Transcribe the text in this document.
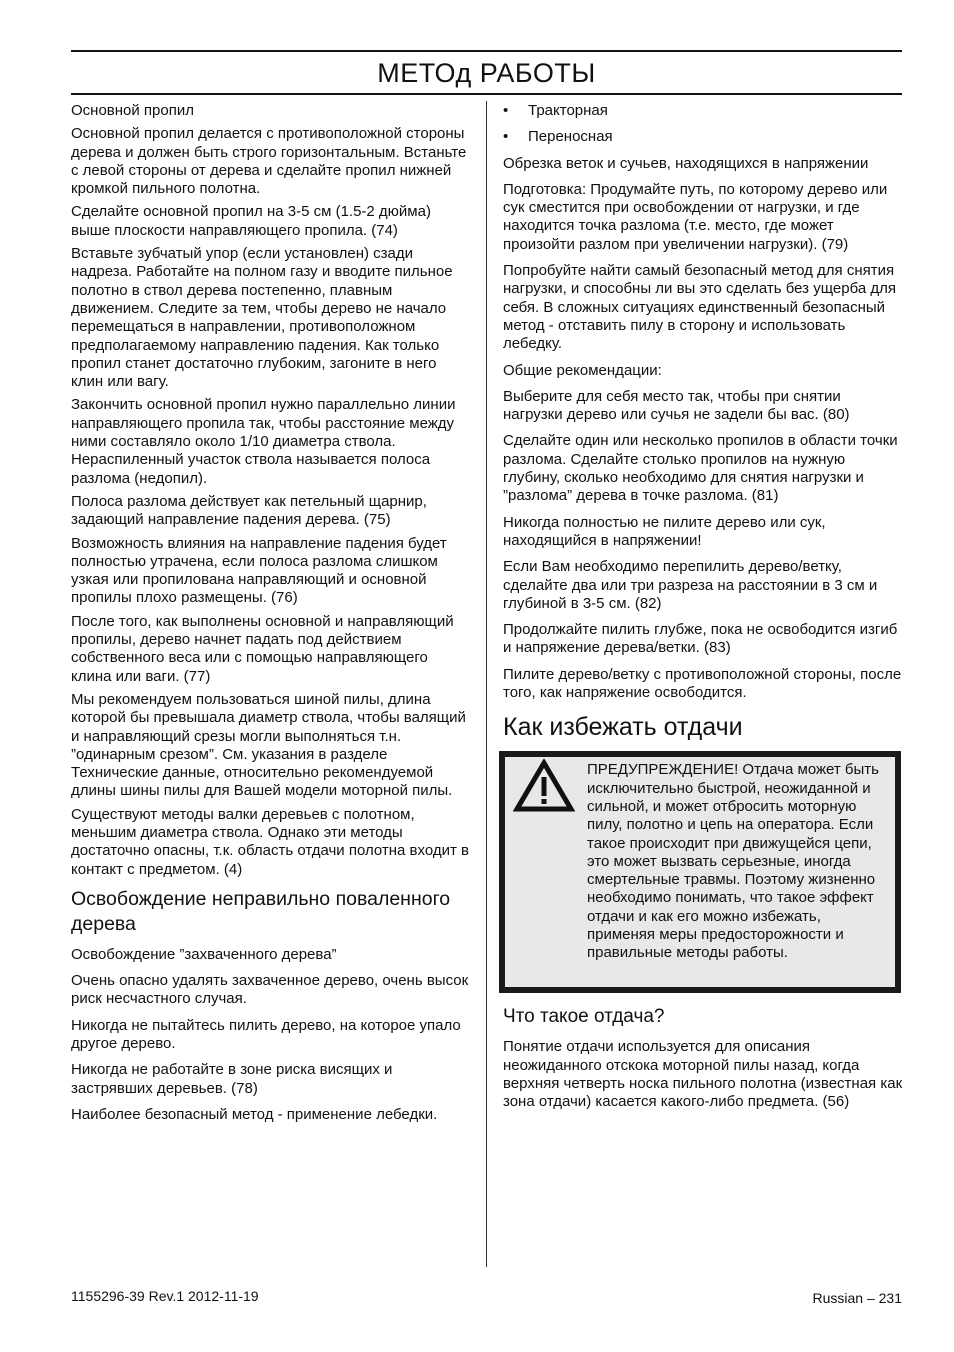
МЕТОд РАБОТЫ

Основной пропил

Основной пропил делается с противоположной стороны дерева и должен быть строго горизонтальным. Встаньте с левой стороны от дерева и сделайте пропил нижней кромкой пильного полотна.

Сделайте основной пропил на 3-5 см (1.5-2 дюйма) выше плоскости направляющего пропила. (74)

Вставьте зубчатый упор (если установлен) сзади надреза. Работайте на полном газу и вводите пильное полотно в ствол дерева постепенно, плавным движением. Следите за тем, чтобы дерево не начало перемещаться в направлении, противоположном предполагаемому направлению падения. Как только пропил станет достаточно глубоким, загоните в него клин или вагу.

Закончить основной пропил нужно параллельно линии направляющего пропила так, чтобы расстояние между ними составляло около 1/10 диаметра ствола. Нераспиленный участок ствола называется полоса разлома (недопил).

Полоса разлома действует как петельный щарнир, задающий направление падения дерева. (75)

Возможность влияния на направление падения будет полностью утрачена, если полоса разлома слишком узкая или пропилована направляющий и основной пропилы плохо размещены. (76)

После того, как выполнены основной и направляющий пропилы, дерево начнет падать под действием собственного веса или с помощью направляющего клина или ваги. (77)

Мы рекомендуем пользоваться шиной пилы, длина которой бы превышала диаметр ствола, чтобы валящий и направляющий срезы могли выполняться т.н. ”одинарным срезом”. См. указания в разделе Технические данные, относительно рекомендуемой длины шины пилы для Вашей модели моторной пилы.

Существуют методы валки деревьев с полотном, меньшим диаметра ствола. Однако эти методы достаточно опасны, т.к. область отдачи полотна входит в контакт с предметом. (4)

Освобождение неправильно поваленного дерева

Освобождение ”захваченного дерева”

Очень опасно удалять захваченное дерево, очень высок риск несчастного случая.

Никогда не пытайтесь пилить дерево, на которое упало другое дерево.

Никогда не работайте в зоне риска висящих и застрявших деревьев. (78)

Наиболее безопасный метод - применение лебедки.

• Тракторная
• Переносная

Обрезка веток и сучьев, находящихся в напряжении

Подготовка: Продумайте путь, по которому дерево или сук сместится при освобождении от нагрузки, и где находится точка разлома (т.е. место, где может произойти разлом при увеличении нагрузки). (79)

Попробуйте найти самый безопасный метод для снятия нагрузки, и способны ли вы это сделать без ущерба для себя. В сложных ситуациях единственный безопасный метод - отставить пилу в сторону и использовать лебедку.

Общие рекомендации:

Выберите для себя место так, чтобы при снятии нагрузки дерево или сучья не задели бы вас. (80)

Сделайте один или несколько пропилов в области точки разлома. Сделайте столько пропилов на нужную глубину, сколько необходимо для снятия нагрузки и ”разлома” дерева в точке разлома. (81)

Никогда полностью не пилите дерево или сук, находящийся в напряжении!

Если Вам необходимо перепилить дерево/ветку, сделайте два или три разреза на расстоянии в 3 см и глубиной в 3-5 см. (82)

Продолжайте пилить глубже, пока не освободится изгиб и напряжение дерева/ветки. (83)

Пилите дерево/ветку с противоположной стороны, после того, как напряжение освободится.

Как избежать отдачи

ПРЕДУПРЕЖДЕНИЕ! Отдача может быть исключительно быстрой, неожиданной и сильной, и может отбросить моторную пилу, полотно и цепь на оператора. Если такое происходит при движущейся цепи, это может вызвать серьезные, иногда смертельные травмы. Поэтому жизненно необходимо понимать, что такое эффект отдачи и как его можно избежать, применяя меры предосторожности и правильные методы работы.

Что такое отдача?

Понятие отдачи используется для описания неожиданного отскока моторной пилы назад, когда верхняя четверть носка пильного полотна (известная как зона отдачи) касается какого-либо предмета. (56)

1155296-39 Rev.1 2012-11-19	Russian – 231
